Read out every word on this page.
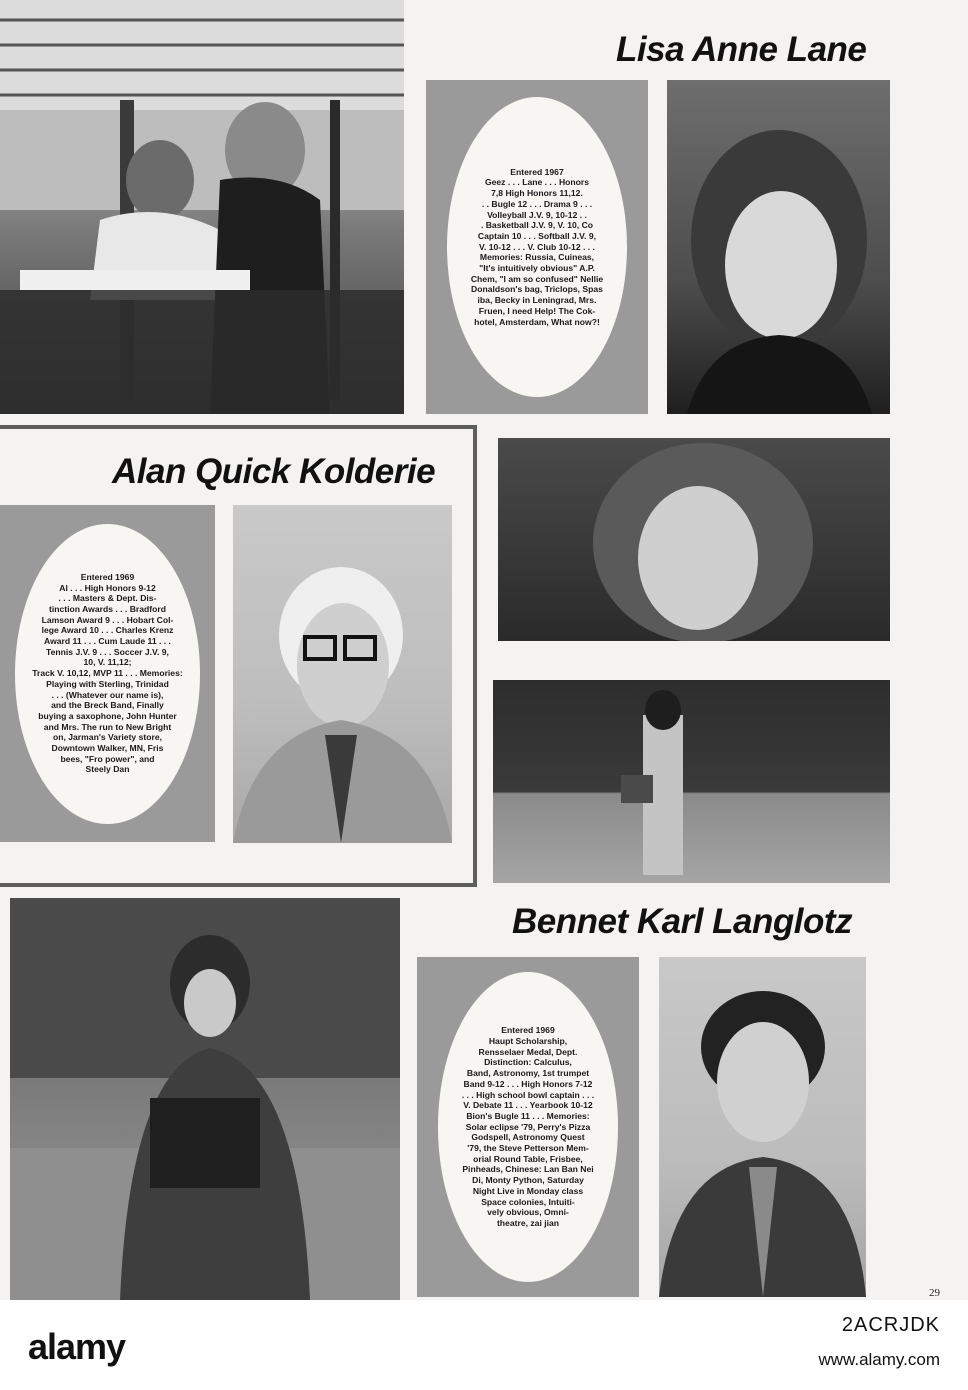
Lisa Anne Lane
Entered 1967
Geez . . . Lane . . . Honors
7,8 High Honors 11,12.
. . Bugle 12 . . . Drama 9 . . .
Volleyball J.V. 9, 10-12 . .
. Basketball J.V. 9, V. 10, Co
Captain 10 . . . Softball J.V. 9,
V. 10-12 . . . V. Club 10-12 . . .
Memories: Russia, Cuineas,
"It's intuitively obvious" A.P.
Chem, "I am so confused" Nellie
Donaldson's bag, Triclops, Spas
iba, Becky in Leningrad, Mrs.
Fruen, I need Help! The Cok-
hotel, Amsterdam, What now?!
Alan Quick Kolderie
Entered 1969
Al . . . High Honors 9-12
. . . Masters & Dept. Dis-
tinction Awards . . . Bradford
Lamson Award 9 . . . Hobart Col-
lege Award 10 . . . Charles Krenz
Award 11 . . . Cum Laude 11 . . .
Tennis J.V. 9 . . . Soccer J.V. 9,
10, V. 11,12;
Track V. 10,12, MVP 11 . . . Memories:
Playing with Sterling, Trinidad
. . . (Whatever our name is),
and the Breck Band, Finally
buying a saxophone, John Hunter
and Mrs. The run to New Bright
on, Jarman's Variety store,
Downtown Walker, MN, Fris
bees, "Fro power", and
Steely Dan
Bennet Karl Langlotz
Entered 1969
Haupt Scholarship,
Rensselaer Medal, Dept.
Distinction: Calculus,
Band, Astronomy, 1st trumpet
Band 9-12 . . . High Honors 7-12
. . . High school bowl captain . . .
V. Debate 11 . . . Yearbook 10-12
Bion's Bugle 11 . . . Memories:
Solar eclipse '79, Perry's Pizza
Godspell, Astronomy Quest
'79, the Steve Petterson Mem-
orial Round Table, Frisbee,
Pinheads, Chinese: Lan Ban Nei
Di, Monty Python, Saturday
Night Live in Monday class
Space colonies, Intuiti-
vely obvious, Omni-
theatre, zai jian
29
alamy
2ACRJDK
www.alamy.com
